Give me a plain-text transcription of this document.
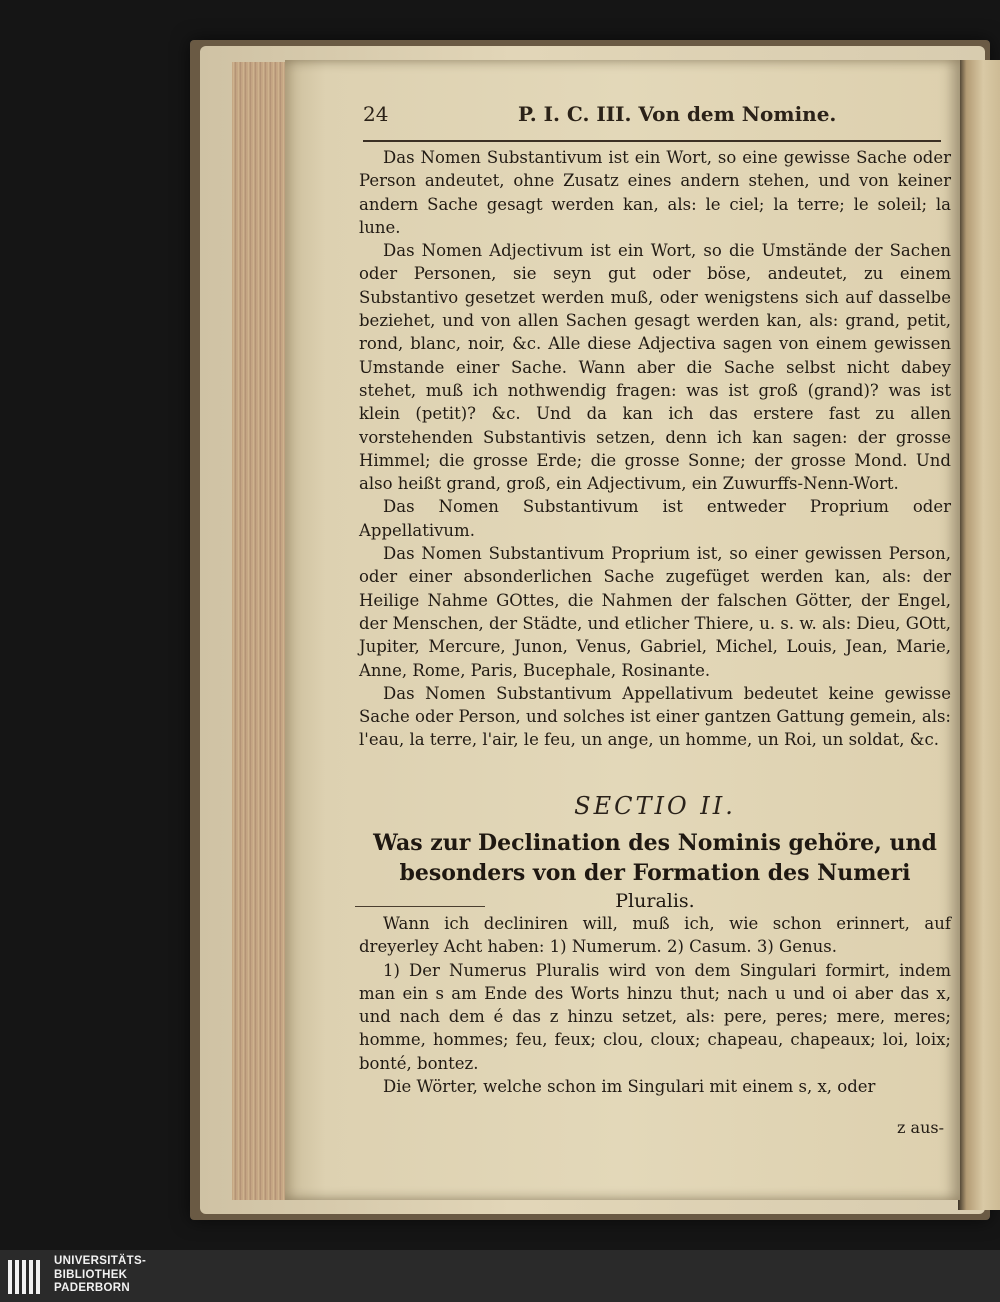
24	P. I. C. III. Von dem Nomine.

Das Nomen Substantivum ist ein Wort, so eine gewisse Sache oder Person andeutet, ohne Zusatz eines andern stehen, und von keiner andern Sache gesagt werden kan, als: le ciel; la terre; le soleil; la lune.

Das Nomen Adjectivum ist ein Wort, so die Umstände der Sachen oder Personen, sie seyn gut oder böse, andeutet, zu einem Substantivo gesetzet werden muß, oder wenigstens sich auf dasselbe beziehet, und von allen Sachen gesagt werden kan, als: grand, petit, rond, blanc, noir, &c. Alle diese Adjectiva sagen von einem gewissen Umstande einer Sache. Wann aber die Sache selbst nicht dabey stehet, muß ich nothwendig fragen: was ist groß (grand)? was ist klein (petit)? &c. Und da kan ich das erstere fast zu allen vorstehenden Substantivis setzen, denn ich kan sagen: der grosse Himmel; die grosse Erde; die grosse Sonne; der grosse Mond. Und also heißt grand, groß, ein Adjectivum, ein Zuwurffs-Nenn-Wort.

Das Nomen Substantivum ist entweder Proprium oder Appellativum.

Das Nomen Substantivum Proprium ist, so einer gewissen Person, oder einer absonderlichen Sache zugefüget werden kan, als: der Heilige Nahme GOttes, die Nahmen der falschen Götter, der Engel, der Menschen, der Städte, und etlicher Thiere, u. s. w. als: Dieu, GOtt, Jupiter, Mercure, Junon, Venus, Gabriel, Michel, Louis, Jean, Marie, Anne, Rome, Paris, Bucephale, Rosinante.

Das Nomen Substantivum Appellativum bedeutet keine gewisse Sache oder Person, und solches ist einer gantzen Gattung gemein, als: l'eau, la terre, l'air, le feu, un ange, un homme, un Roi, un soldat, &c.

SECTIO II.
Was zur Declination des Nominis gehöre, und besonders von der Formation des Numeri
Pluralis.

Wann ich decliniren will, muß ich, wie schon erinnert, auf dreyerley Acht haben: 1) Numerum. 2) Casum. 3) Genus.

1) Der Numerus Pluralis wird von dem Singulari formirt, indem man ein s am Ende des Worts hinzu thut; nach u und oi aber das x, und nach dem é das z hinzu setzet, als: pere, peres; mere, meres; homme, hommes; feu, feux; clou, cloux; chapeau, chapeaux; loi, loix; bonté, bontez.

Die Wörter, welche schon im Singulari mit einem s, x, oder

z aus-
UNIVERSITÄTS-
BIBLIOTHEK
PADERBORN
